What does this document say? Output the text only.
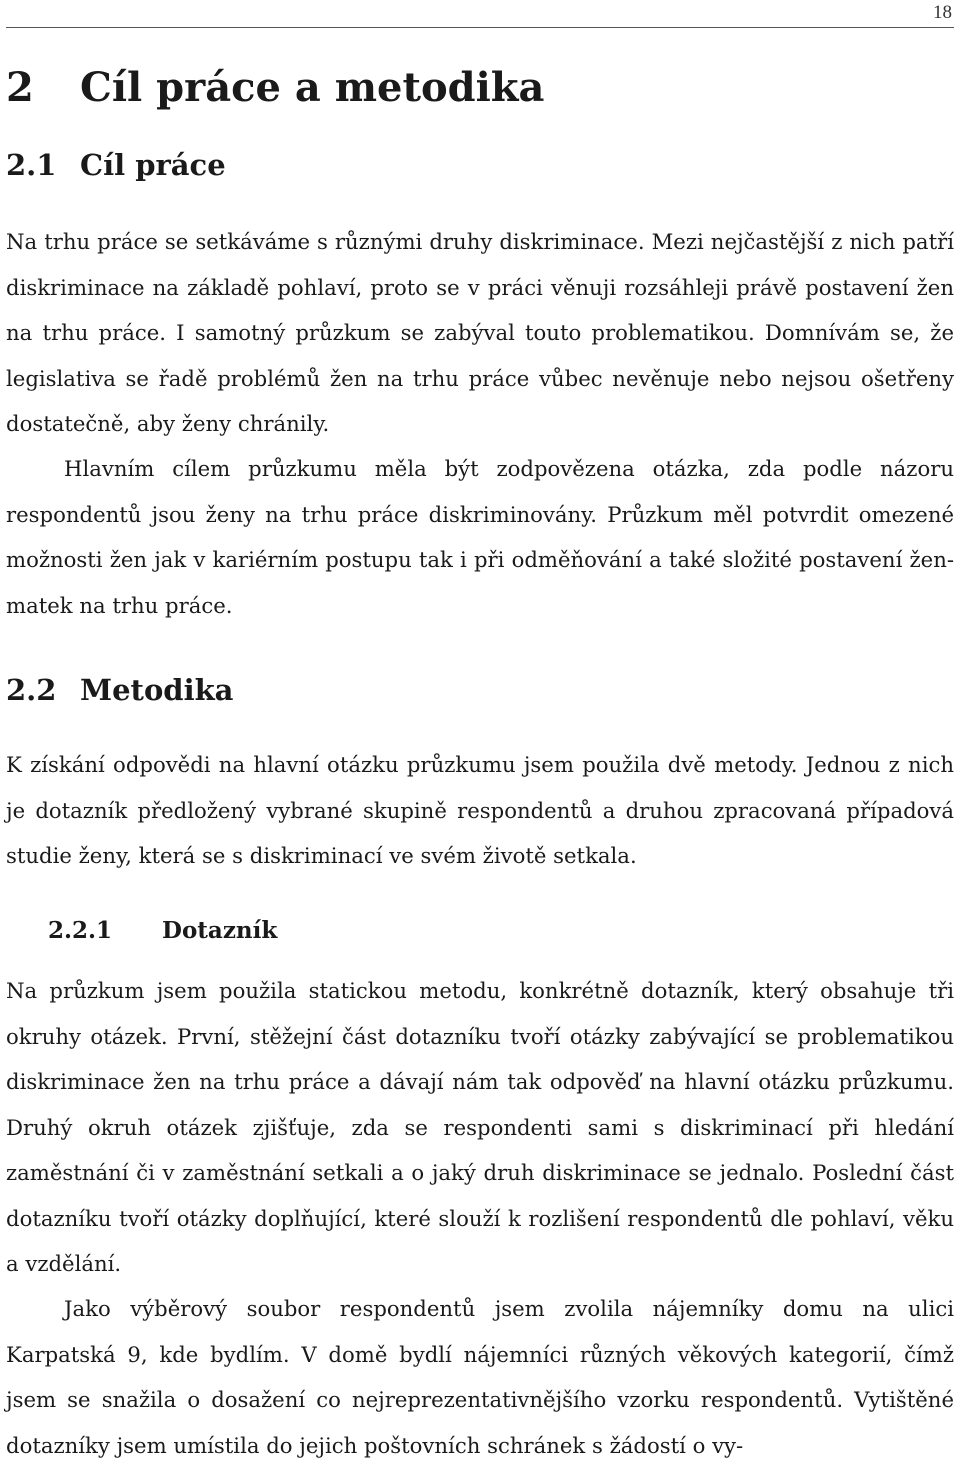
18
2 Cíl práce a metodika
2.1 Cíl práce

Na trhu práce se setkáváme s různými druhy diskriminace. Mezi nejčastější z nich patří diskriminace na základě pohlaví, proto se v práci věnuji rozsáhleji právě postavení žen na trhu práce. I samotný průzkum se zabýval touto problematikou. Domnívám se, že legislativa se řadě problémů žen na trhu práce vůbec nevěnuje nebo nejsou ošetřeny dostatečně, aby ženy chránily.

Hlavním cílem průzkumu měla být zodpovězena otázka, zda podle názoru respondentů jsou ženy na trhu práce diskriminovány. Průzkum měl potvrdit omezené možnosti žen jak v kariérním postupu tak i při odměňování a také složité postavení žen-matek na trhu práce.

2.2 Metodika

K získání odpovědi na hlavní otázku průzkumu jsem použila dvě metody. Jednou z nich je dotazník předložený vybrané skupině respondentů a druhou zpracovaná případová studie ženy, která se s diskriminací ve svém životě setkala.

2.2.1 Dotazník

Na průzkum jsem použila statickou metodu, konkrétně dotazník, který obsahuje tři okruhy otázek. První, stěžejní část dotazníku tvoří otázky zabývající se problematikou diskriminace žen na trhu práce a dávají nám tak odpověď na hlavní otázku průzkumu. Druhý okruh otázek zjišťuje, zda se respondenti sami s diskriminací při hledání zaměstnání či v zaměstnání setkali a o jaký druh diskriminace se jednalo. Poslední část dotazníku tvoří otázky doplňující, které slouží k rozlišení respondentů dle pohlaví, věku a vzdělání.

Jako výběrový soubor respondentů jsem zvolila nájemníky domu na ulici Karpatská 9, kde bydlím. V domě bydlí nájemníci různých věkových kategorií, čímž jsem se snažila o dosažení co nejreprezentativnějšího vzorku respondentů. Vytištěné dotazníky jsem umístila do jejich poštovních schránek s žádostí o vy-
